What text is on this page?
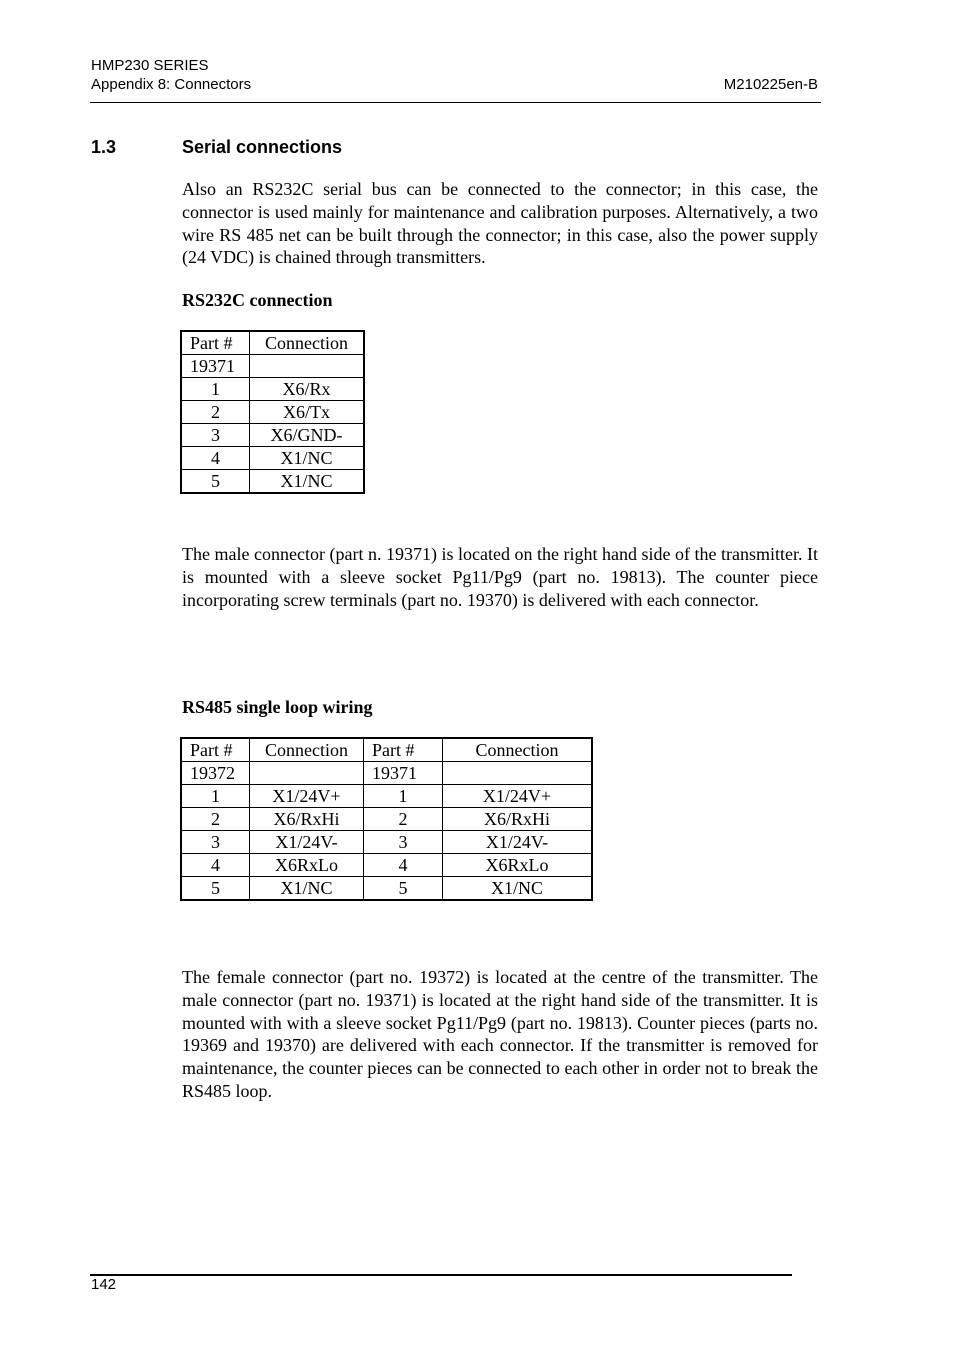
HMP230 SERIES
Appendix 8: Connectors	M210225en-B
1.3	Serial connections

Also an RS232C serial bus can be connected to the connector; in this case, the connector is used mainly for maintenance and calibration purposes. Alternatively, a two wire RS 485 net can be built through the connector; in this case, also the power supply (24 VDC) is chained through transmitters.

RS232C connection
Part #	Connection
19371	
1	X6/Rx
2	X6/Tx
3	X6/GND-
4	X1/NC
5	X1/NC

The male connector (part n. 19371) is located on the right hand side of the transmitter. It is mounted with a sleeve socket Pg11/Pg9 (part no. 19813). The counter piece incorporating screw terminals (part no. 19370) is delivered with each connector.

RS485 single loop wiring
Part #	Connection	Part #	Connection
19372		19371	
1	X1/24V+	1	X1/24V+
2	X6/RxHi	2	X6/RxHi
3	X1/24V-	3	X1/24V-
4	X6RxLo	4	X6RxLo
5	X1/NC	5	X1/NC

The female connector (part no. 19372) is located at the centre of the transmitter. The male connector (part no. 19371) is located at the right hand side of the transmitter. It is mounted with with a sleeve socket Pg11/Pg9 (part no. 19813). Counter pieces (parts no. 19369 and 19370) are delivered with each connector. If the transmitter is removed for maintenance, the counter pieces can be connected to each other in order not to break the RS485 loop.

142
